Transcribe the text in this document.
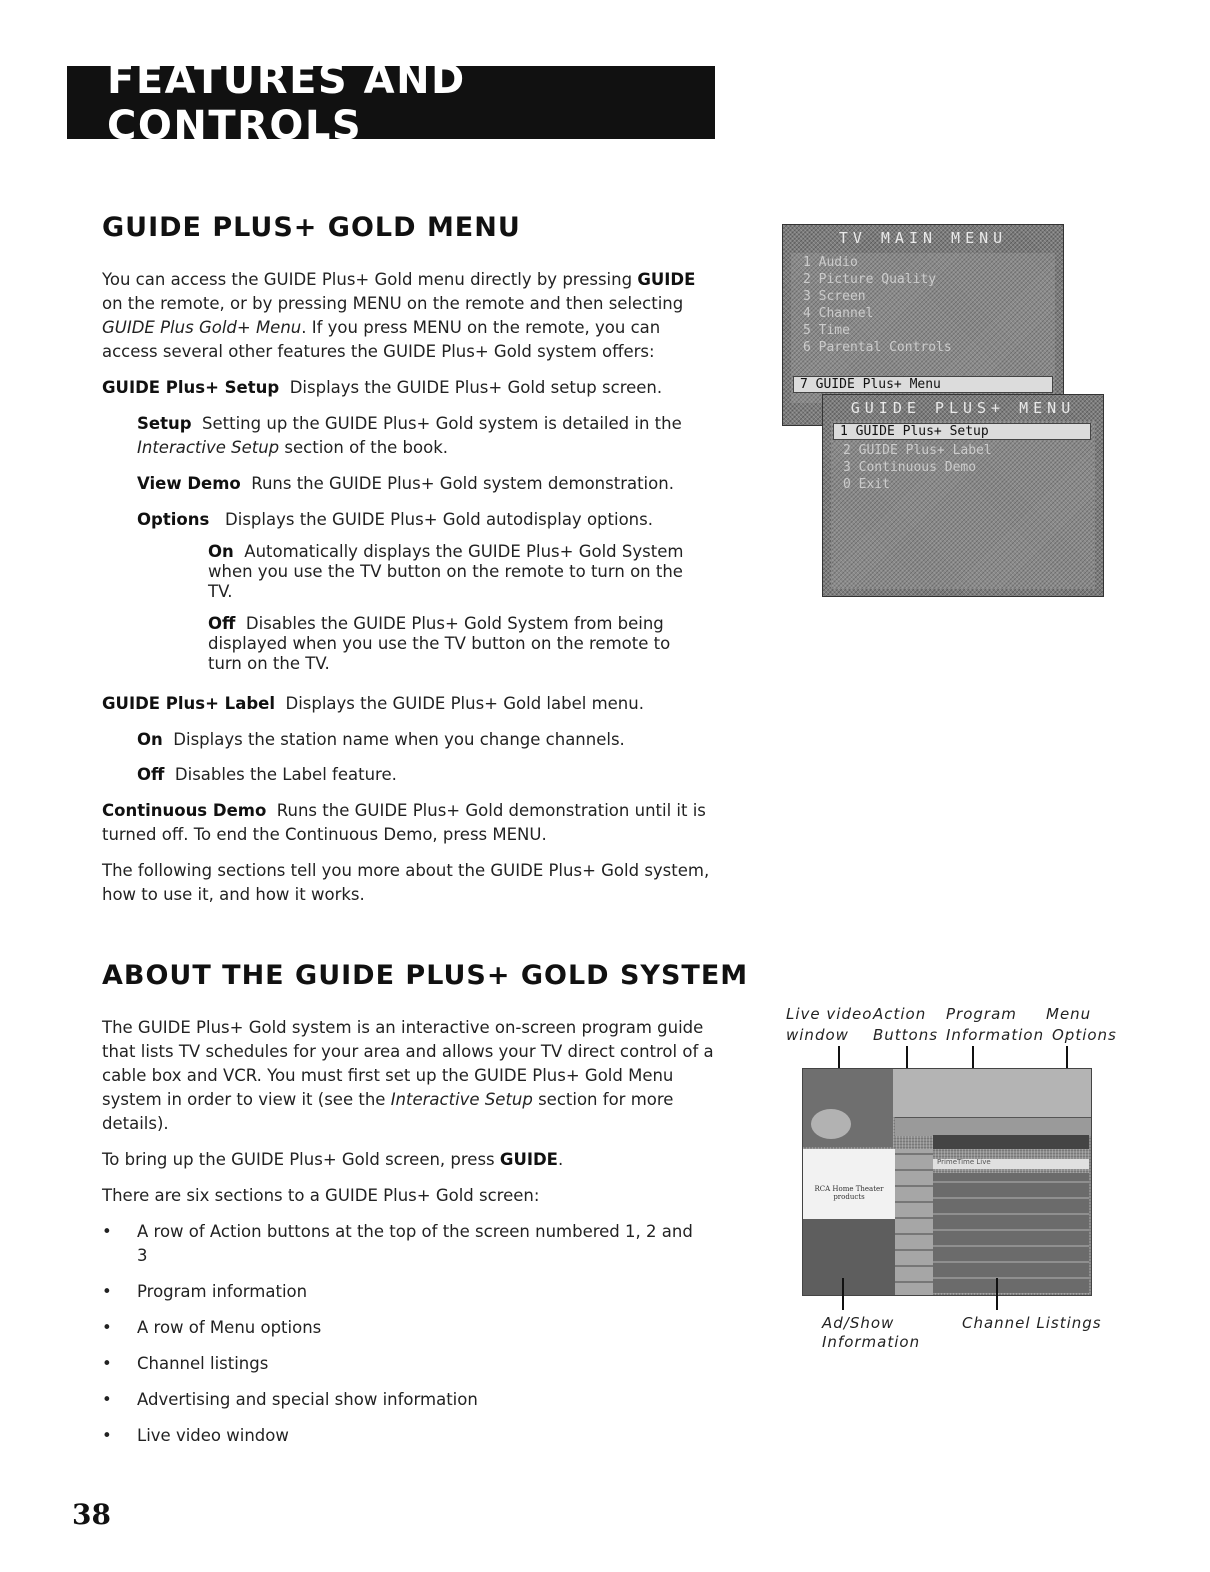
FEATURES AND CONTROLS
GUIDE PLUS+ GOLD MENU

You can access the GUIDE Plus+ Gold menu directly by pressing GUIDE on the remote, or by pressing MENU on the remote and then selecting GUIDE Plus Gold+ Menu. If you press MENU on the remote, you can access several other features the GUIDE Plus+ Gold system offers:

GUIDE Plus+ Setup Displays the GUIDE Plus+ Gold setup screen.

Setup Setting up the GUIDE Plus+ Gold system is detailed in the Interactive Setup section of the book.

View Demo Runs the GUIDE Plus+ Gold system demonstration.

Options Displays the GUIDE Plus+ Gold autodisplay options.

On Automatically displays the GUIDE Plus+ Gold System when you use the TV button on the remote to turn on the TV.

Off Disables the GUIDE Plus+ Gold System from being displayed when you use the TV button on the remote to turn on the TV.

GUIDE Plus+ Label Displays the GUIDE Plus+ Gold label menu.

On Displays the station name when you change channels.

Off Disables the Label feature.

Continuous Demo Runs the GUIDE Plus+ Gold demonstration until it is turned off. To end the Continuous Demo, press MENU.

The following sections tell you more about the GUIDE Plus+ Gold system, how to use it, and how it works.

TV MAIN MENU
1 Audio
2 Picture Quality
3 Screen
4 Channel
5 Time
6 Parental Controls
7 GUIDE Plus+ Menu
GUIDE PLUS+ MENU
1 GUIDE Plus+ Setup
2 GUIDE Plus+ Label
3 Continuous Demo
0 Exit
ABOUT THE GUIDE PLUS+ GOLD SYSTEM

The GUIDE Plus+ Gold system is an interactive on-screen program guide that lists TV schedules for your area and allows your TV direct control of a cable box and VCR. You must first set up the GUIDE Plus+ Gold Menu system in order to view it (see the Interactive Setup section for more details).

To bring up the GUIDE Plus+ Gold screen, press GUIDE.

There are six sections to a GUIDE Plus+ Gold screen:

•	A row of Action buttons at the top of the screen numbered 1, 2 and 3
•	Program information
•	A row of Menu options
•	Channel listings
•	Advertising and special show information
•	Live video window
Live video
window
Action
Buttons
Program
Information
Menu
Options
RCA Home Theater products
PrimeTime Live
Ad/Show
Information
Channel Listings
38
